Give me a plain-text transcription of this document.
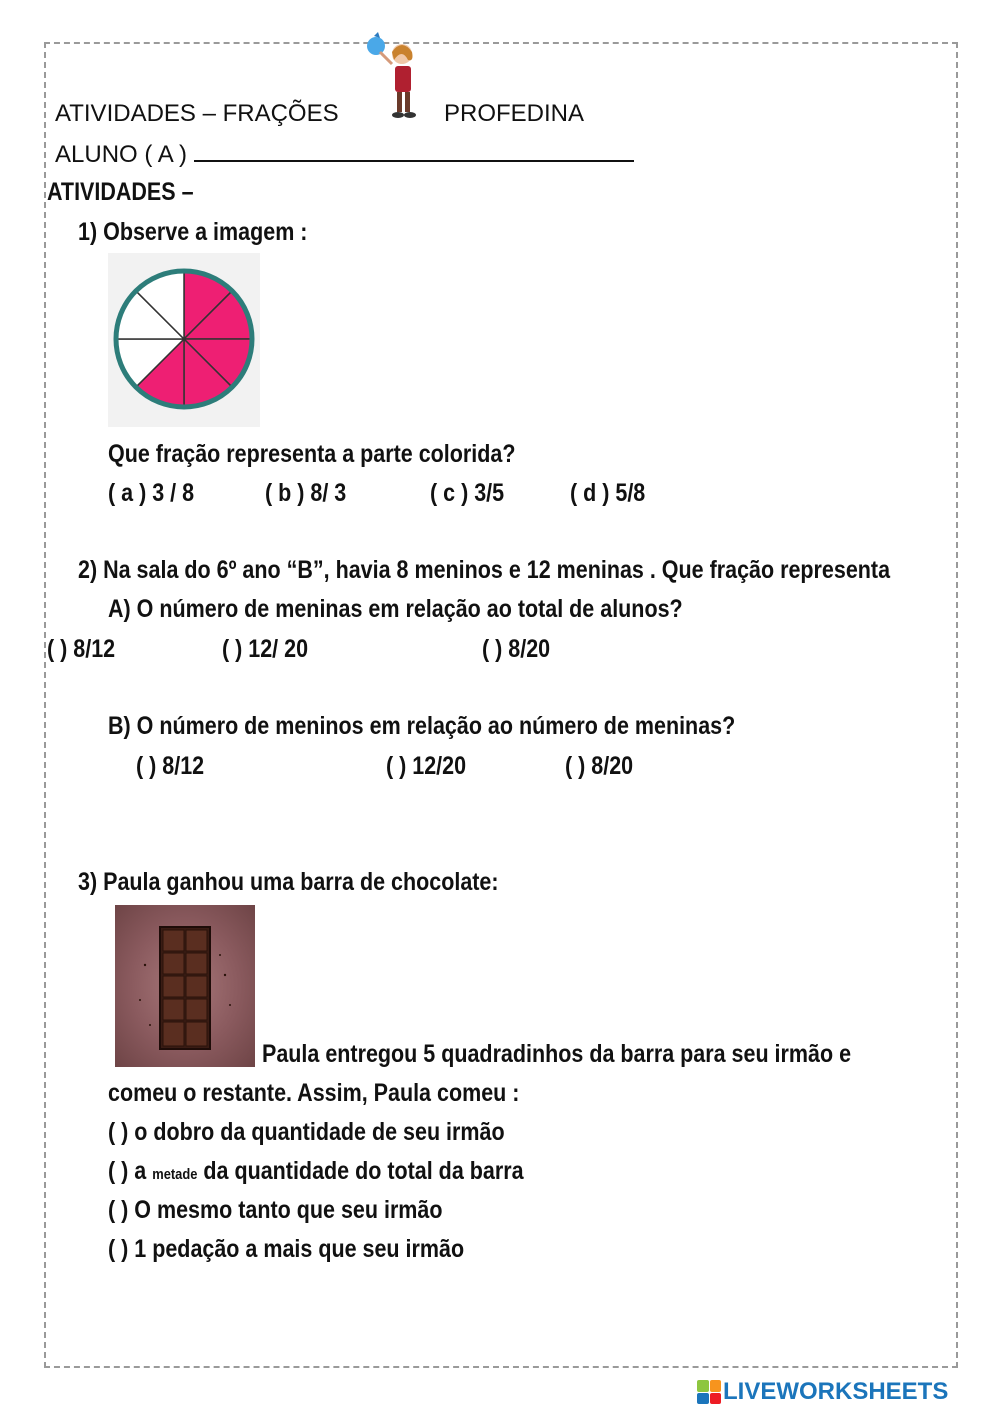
ATIVIDADES – FRAÇÕES	PROFEDINA
ALUNO ( A )
ATIVIDADES –
1) Observe a imagem :
Que fração representa a parte colorida?
( a ) 3 / 8	( b ) 8/ 3	( c ) 3/5	( d ) 5/8
2) Na sala do 6º ano “B”, havia 8 meninos e 12 meninas . Que fração representa
A) O número de meninas em relação ao total de alunos?
( ) 8/12	( ) 12/ 20	( ) 8/20
B) O número de meninos em relação ao número de meninas?
( ) 8/12	( ) 12/20	( ) 8/20
3) Paula ganhou uma barra de chocolate:
Paula entregou 5 quadradinhos da barra para seu irmão e
comeu o restante. Assim, Paula comeu :
( ) o dobro da quantidade de seu irmão
( ) a metade da quantidade do total da barra
( ) O mesmo tanto que seu irmão
( ) 1 pedação a mais que seu irmão
LIVEWORKSHEETS
